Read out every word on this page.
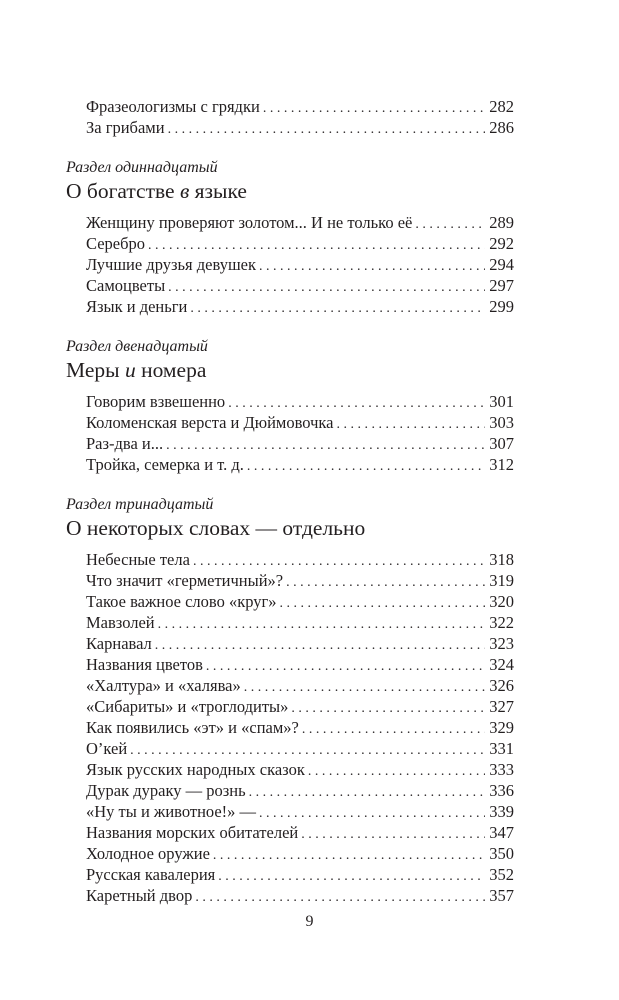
Фразеологизмы с грядки . . .	282
За грибами . . .	286
Раздел одиннадцатый
О богатстве в языке
Женщину проверяют золотом... И не только её . . .	289
Серебро . . .	292
Лучшие друзья девушек . . .	294
Самоцветы . . .	297
Язык и деньги . . .	299
Раздел двенадцатый
Меры и номера
Говорим взвешенно . . .	301
Коломенская верста и Дюймовочка . . .	303
Раз-два и... . . .	307
Тройка, семерка и т. д. . . .	312
Раздел тринадцатый
О некоторых словах — отдельно
Небесные тела . . .	318
Что значит «герметичный»? . . .	319
Такое важное слово «круг» . . .	320
Мавзолей . . .	322
Карнавал . . .	323
Названия цветов . . .	324
«Халтура» и «халява» . . .	326
«Сибариты» и «троглодиты» . . .	327
Как появились «эт» и «спам»? . . .	329
О’кей . . .	331
Язык русских народных сказок . . .	333
Дурак дураку — рознь . . .	336
«Ну ты и животное!» — . . .	339
Названия морских обитателей . . .	347
Холодное оружие . . .	350
Русская кавалерия . . .	352
Каретный двор . . .	357
9
